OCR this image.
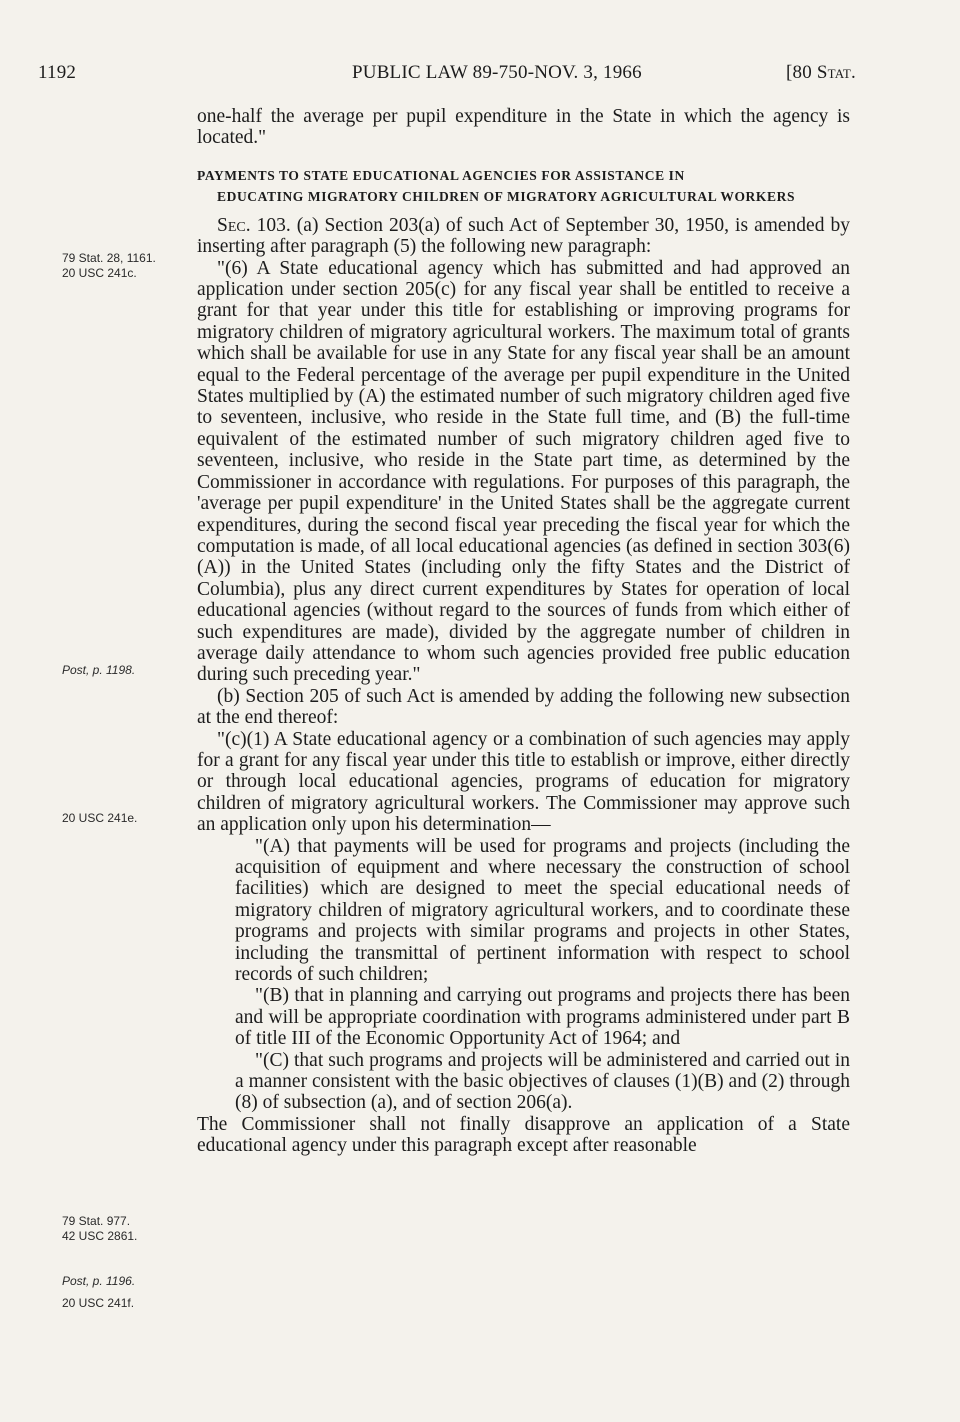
1192	PUBLIC LAW 89-750-NOV. 3, 1966	[80 Stat.
79 Stat. 28, 1161.
20 USC 241c.
Post, p. 1198.
20 USC 241e.
79 Stat. 977.
42 USC 2861.
Post, p. 1196.
20 USC 241f.

one-half the average per pupil expenditure in the State in which the agency is located."

PAYMENTS TO STATE EDUCATIONAL AGENCIES FOR ASSISTANCE IN
EDUCATING MIGRATORY CHILDREN OF MIGRATORY AGRICULTURAL WORKERS

Sec. 103. (a) Section 203(a) of such Act of September 30, 1950, is amended by inserting after paragraph (5) the following new paragraph:

"(6) A State educational agency which has submitted and had approved an application under section 205(c) for any fiscal year shall be entitled to receive a grant for that year under this title for establishing or improving programs for migratory children of migratory agricultural workers. The maximum total of grants which shall be available for use in any State for any fiscal year shall be an amount equal to the Federal percentage of the average per pupil expenditure in the United States multiplied by (A) the estimated number of such migratory children aged five to seventeen, inclusive, who reside in the State full time, and (B) the full-time equivalent of the estimated number of such migratory children aged five to seventeen, inclusive, who reside in the State part time, as determined by the Commissioner in accordance with regulations. For purposes of this paragraph, the 'average per pupil expenditure' in the United States shall be the aggregate current expenditures, during the second fiscal year preceding the fiscal year for which the computation is made, of all local educational agencies (as defined in section 303(6)(A)) in the United States (including only the fifty States and the District of Columbia), plus any direct current expenditures by States for operation of local educational agencies (without regard to the sources of funds from which either of such expenditures are made), divided by the aggregate number of children in average daily attendance to whom such agencies provided free public education during such preceding year."

(b) Section 205 of such Act is amended by adding the following new subsection at the end thereof:

"(c)(1) A State educational agency or a combination of such agencies may apply for a grant for any fiscal year under this title to establish or improve, either directly or through local educational agencies, programs of education for migratory children of migratory agricultural workers. The Commissioner may approve such an application only upon his determination—

"(A) that payments will be used for programs and projects (including the acquisition of equipment and where necessary the construction of school facilities) which are designed to meet the special educational needs of migratory children of migratory agricultural workers, and to coordinate these programs and projects with similar programs and projects in other States, including the transmittal of pertinent information with respect to school records of such children;

"(B) that in planning and carrying out programs and projects there has been and will be appropriate coordination with programs administered under part B of title III of the Economic Opportunity Act of 1964; and

"(C) that such programs and projects will be administered and carried out in a manner consistent with the basic objectives of clauses (1)(B) and (2) through (8) of subsection (a), and of section 206(a).

The Commissioner shall not finally disapprove an application of a State educational agency under this paragraph except after reasonable
